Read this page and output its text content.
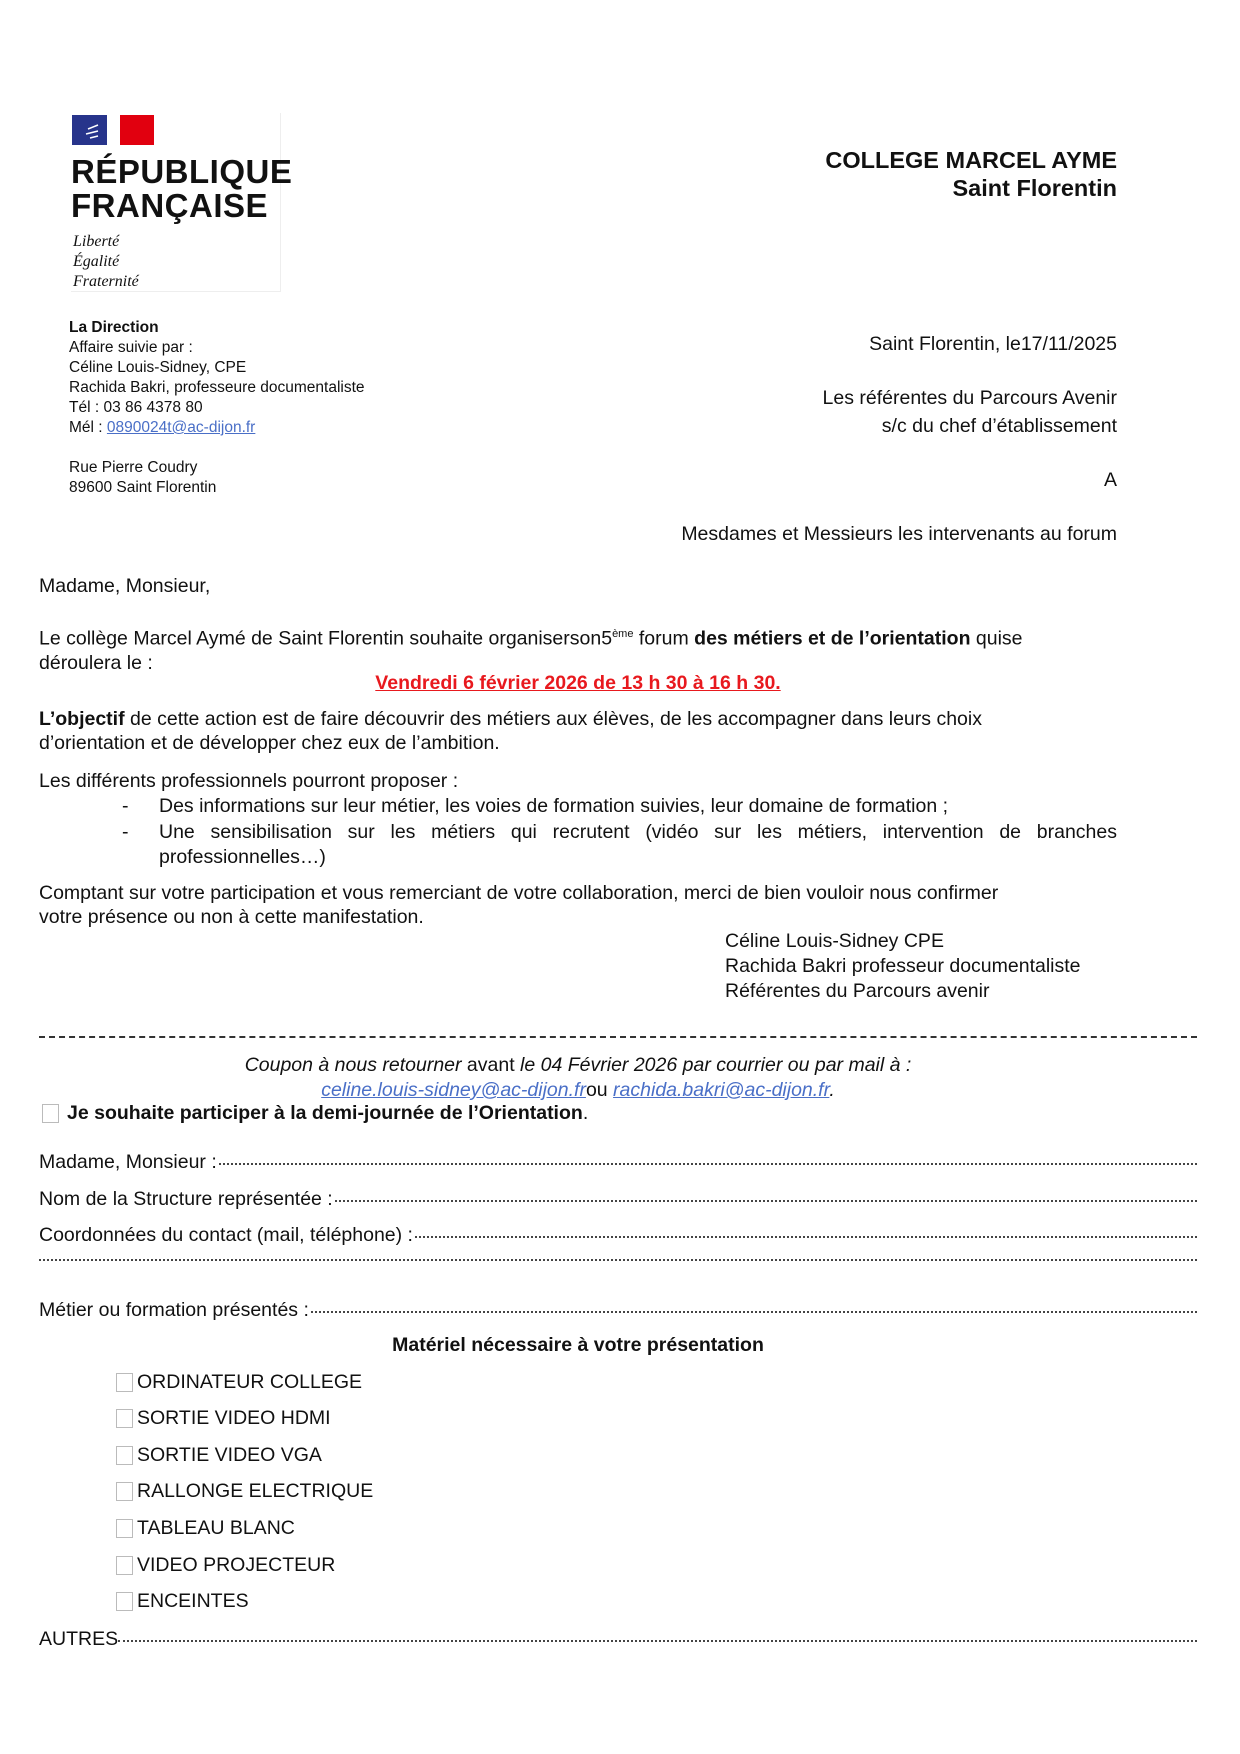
RÉPUBLIQUE
FRANÇAISE
Liberté
Égalité
Fraternité
COLLEGE MARCEL AYME
Saint Florentin
La Direction
Affaire suivie par :
Céline Louis-Sidney, CPE
Rachida Bakri, professeure documentaliste
Tél : 03 86 4378 80
Mél : 0890024t@ac-dijon.fr
Rue Pierre Coudry
89600 Saint Florentin
Saint Florentin, le17/11/2025
Les référentes du Parcours Avenir
s/c du chef d’établissement
A
Mesdames et Messieurs les intervenants au forum
Madame, Monsieur,
Le collège Marcel Aymé de Saint Florentin souhaite organiserson5ème forum des métiers et de l’orientation quise
déroulera le :
Vendredi 6 février 2026 de 13 h 30 à 16 h 30.
L’objectif de cette action est de faire découvrir des métiers aux élèves, de les accompagner dans leurs choix
d’orientation et de développer chez eux de l’ambition.
Les différents professionnels pourront proposer :
- Des informations sur leur métier, les voies de formation suivies, leur domaine de formation ;
- Une sensibilisation sur les métiers qui recrutent (vidéo sur les métiers, intervention de branches
professionnelles…)
Comptant sur votre participation et vous remerciant de votre collaboration, merci de bien vouloir nous confirmer
votre présence ou non à cette manifestation.
Céline Louis-Sidney CPE
Rachida Bakri professeur documentaliste
Référentes du Parcours avenir
Coupon à nous retourner avant le 04 Février 2026 par courrier ou par mail à :
celine.louis-sidney@ac-dijon.frou rachida.bakri@ac-dijon.fr.
Je souhaite participer à la demi-journée de l’Orientation .
Madame, Monsieur :
Nom de la Structure représentée :
Coordonnées du contact (mail, téléphone) :
Métier ou formation présentés :
Matériel nécessaire à votre présentation
ORDINATEUR COLLEGE
SORTIE VIDEO HDMI
SORTIE VIDEO VGA
RALLONGE ELECTRIQUE
TABLEAU BLANC
VIDEO PROJECTEUR
ENCEINTES
AUTRES
